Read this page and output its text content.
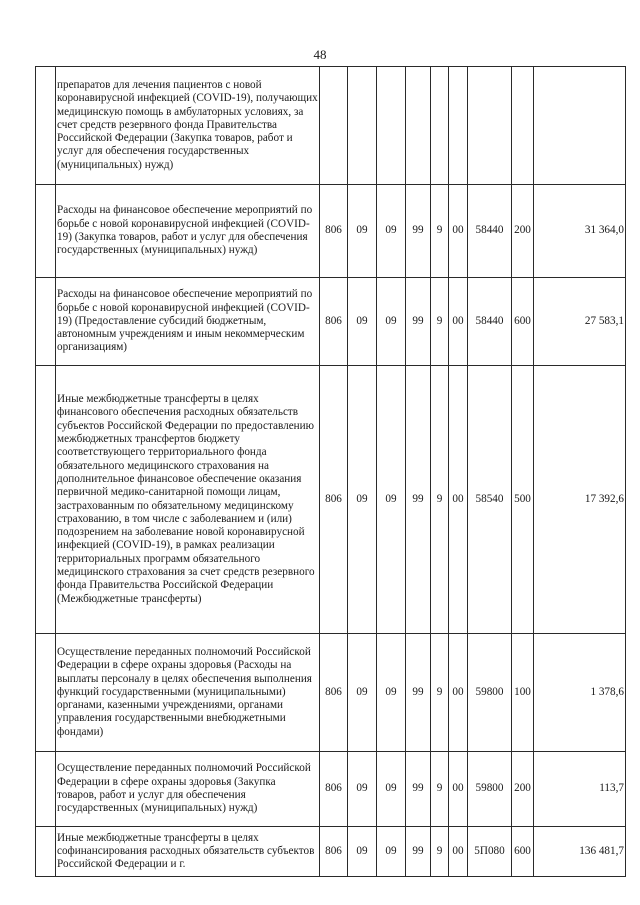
48
	препаратов для лечения пациентов с новой коронавирусной инфекцией (COVID-19), получающих медицинскую помощь в амбулаторных условиях, за счет средств резервного фонда Правительства Российской Федерации (Закупка товаров, работ и услуг для обеспечения государственных (муниципальных) нужд)									
	Расходы на финансовое обеспечение мероприятий по борьбе с новой коронавирусной инфекцией (COVID-19) (Закупка товаров, работ и услуг для обеспечения государственных (муниципальных) нужд)	806	09	09	99	9	00	58440	200	31 364,0
	Расходы на финансовое обеспечение мероприятий по борьбе с новой коронавирусной инфекцией (COVID-19) (Предоставление субсидий бюджетным, автономным учреждениям и иным некоммерческим организациям)	806	09	09	99	9	00	58440	600	27 583,1
	Иные межбюджетные трансферты в целях финансового обеспечения расходных обязательств субъектов Российской Федерации по предоставлению межбюджетных трансфертов бюджету соответствующего территориального фонда обязательного медицинского страхования на дополнительное финансовое обеспечение оказания первичной медико-санитарной помощи лицам, застрахованным по обязательному медицинскому страхованию, в том числе с заболеванием и (или) подозрением на заболевание новой коронавирусной инфекцией (COVID-19), в рамках реализации территориальных программ обязательного медицинского страхования за счет средств резервного фонда Правительства Российской Федерации (Межбюджетные трансферты)	806	09	09	99	9	00	58540	500	17 392,6
	Осуществление переданных полномочий Российской Федерации в сфере охраны здоровья (Расходы на выплаты персоналу в целях обеспечения выполнения функций государственными (муниципальными) органами, казенными учреждениями, органами управления государственными внебюджетными фондами)	806	09	09	99	9	00	59800	100	1 378,6
	Осуществление переданных полномочий Российской Федерации в сфере охраны здоровья (Закупка товаров, работ и услуг для обеспечения государственных (муниципальных) нужд)	806	09	09	99	9	00	59800	200	113,7
	Иные межбюджетные трансферты в целях софинансирования расходных обязательств субъектов Российской Федерации и г.	806	09	09	99	9	00	5П080	600	136 481,7
